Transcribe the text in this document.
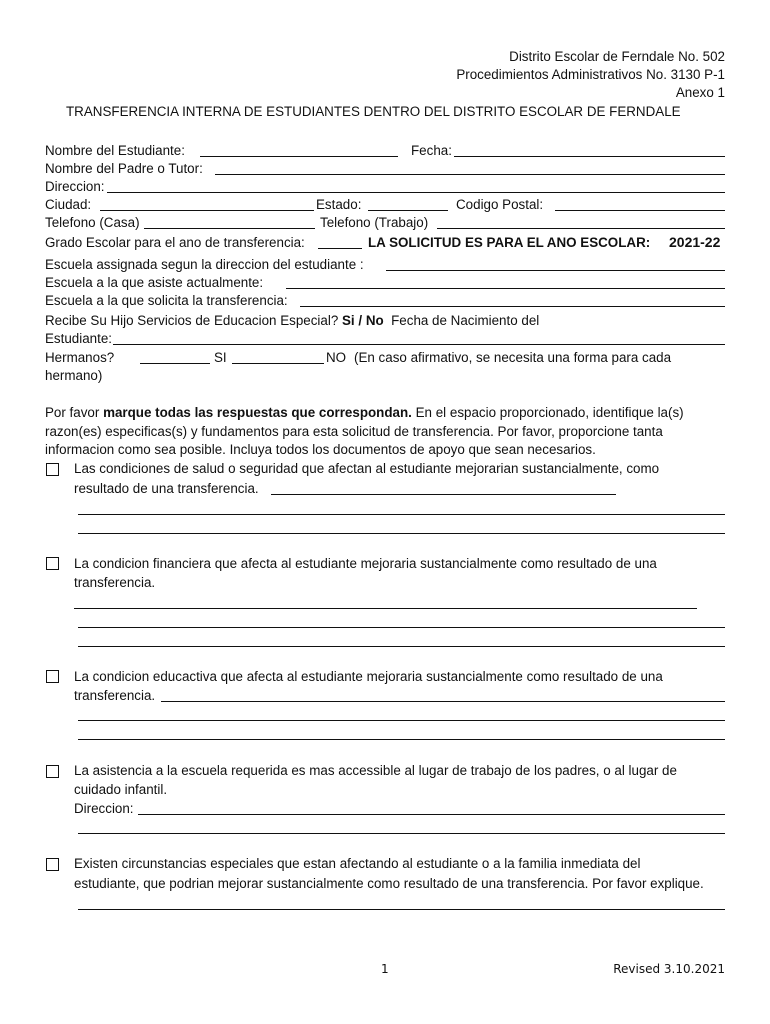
Distrito Escolar de Ferndale No. 502
Procedimientos Administrativos No. 3130 P-1
Anexo 1
TRANSFERENCIA INTERNA DE ESTUDIANTES DENTRO DEL DISTRITO ESCOLAR DE FERNDALE
Nombre del Estudiante:	Fecha:
Nombre del Padre o Tutor:
Direccion:
Ciudad:	Estado:	Codigo Postal:
Telefono (Casa)	Telefono (Trabajo)
Grado Escolar para el ano de transferencia:	LA SOLICITUD ES PARA EL ANO ESCOLAR: 2021-22
Escuela assignada segun la direccion del estudiante :
Escuela a la que asiste actualmente:
Escuela a la que solicita la transferencia:
Recibe Su Hijo Servicios de Educacion Especial? Si / No Fecha de Nacimiento del
Estudiante:
Hermanos?	SI	NO (En caso afirmativo, se necesita una forma para cada
hermano)
Por favor marque todas las respuestas que correspondan. En el espacio proporcionado, identifique la(s)
razon(es) especificas(s) y fundamentos para esta solicitud de transferencia. Por favor, proporcione tanta
informacion como sea posible. Incluya todos los documentos de apoyo que sean necesarios.
Las condiciones de salud o seguridad que afectan al estudiante mejorarian sustancialmente, como
resultado de una transferencia.
La condicion financiera que afecta al estudiante mejoraria sustancialmente como resultado de una
transferencia.
La condicion educactiva que afecta al estudiante mejoraria sustancialmente como resultado de una
transferencia.
La asistencia a la escuela requerida es mas accessible al lugar de trabajo de los padres, o al lugar de
cuidado infantil.
Direccion:
Existen circunstancias especiales que estan afectando al estudiante o a la familia inmediata del
estudiante, que podrian mejorar sustancialmente como resultado de una transferencia. Por favor explique.
1	Revised 3.10.2021
